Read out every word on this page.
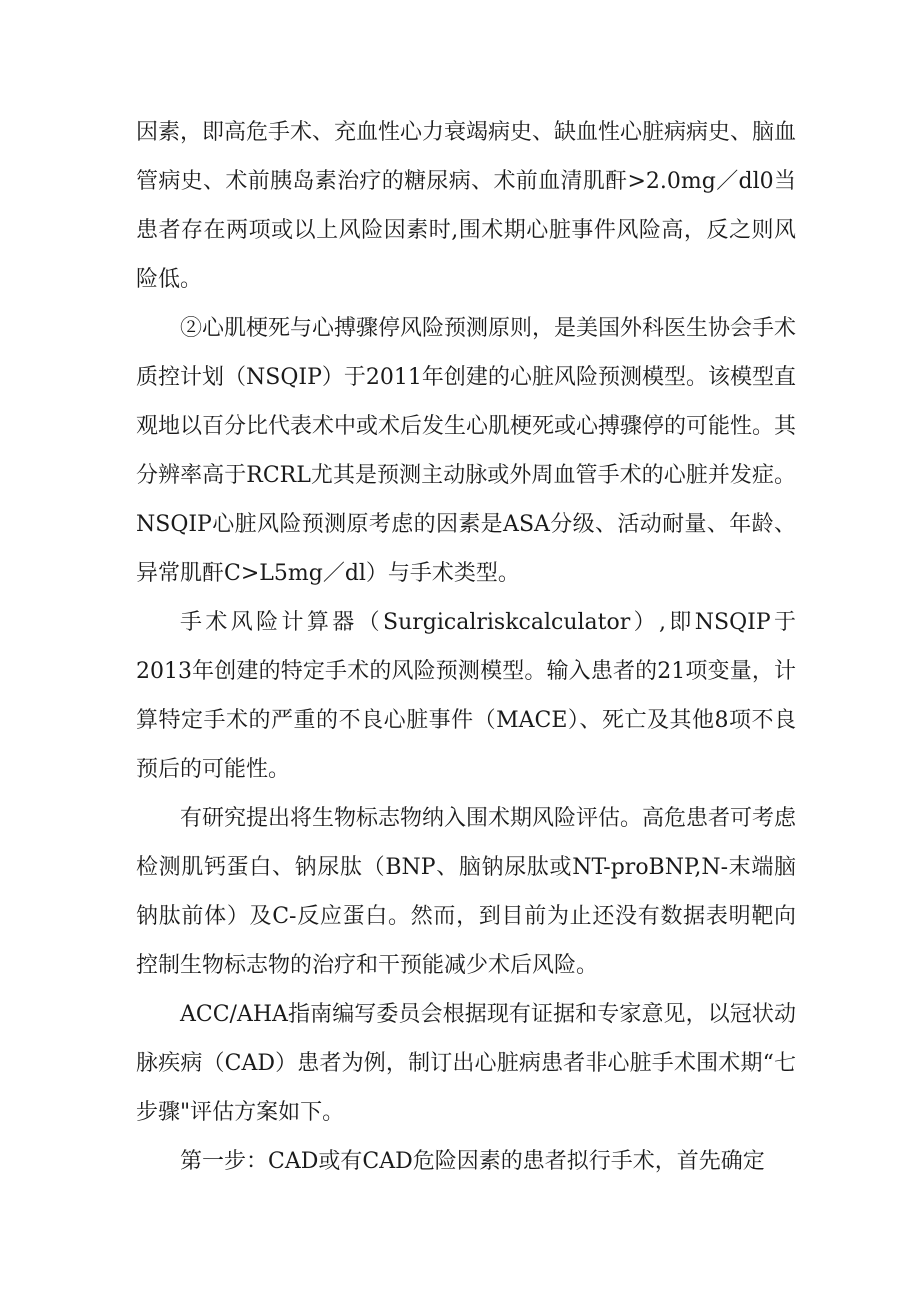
因素，即高危手术、充血性心力衰竭病史、缺血性心脏病病史、脑血管病史、术前胰岛素治疗的糖尿病、术前血清肌酐>2.0mg／dl0当患者存在两项或以上风险因素时,围术期心脏事件风险高，反之则风险低。

②心肌梗死与心搏骤停风险预测原则，是美国外科医生协会手术质控计划（NSQIP）于2011年创建的心脏风险预测模型。该模型直观地以百分比代表术中或术后发生心肌梗死或心搏骤停的可能性。其分辨率高于RCRL尤其是预测主动脉或外周血管手术的心脏并发症。NSQIP心脏风险预测原考虑的因素是ASA分级、活动耐量、年龄、异常肌酐C>L5mg／dl）与手术类型。

手术风险计算器（Surgicalriskcalculator）,即NSQIP于2013年创建的特定手术的风险预测模型。输入患者的21项变量，计算特定手术的严重的不良心脏事件（MACE）、死亡及其他8项不良预后的可能性。

有研究提出将生物标志物纳入围术期风险评估。高危患者可考虑检测肌钙蛋白、钠尿肽（BNP、脑钠尿肽或NT-proBNP,N-末端脑钠肽前体）及C-反应蛋白。然而，到目前为止还没有数据表明靶向控制生物标志物的治疗和干预能减少术后风险。

ACC/AHA指南编写委员会根据现有证据和专家意见，以冠状动脉疾病（CAD）患者为例，制订出心脏病患者非心脏手术围术期“七步骤"评估方案如下。

第一步：CAD或有CAD危险因素的患者拟行手术，首先确定
